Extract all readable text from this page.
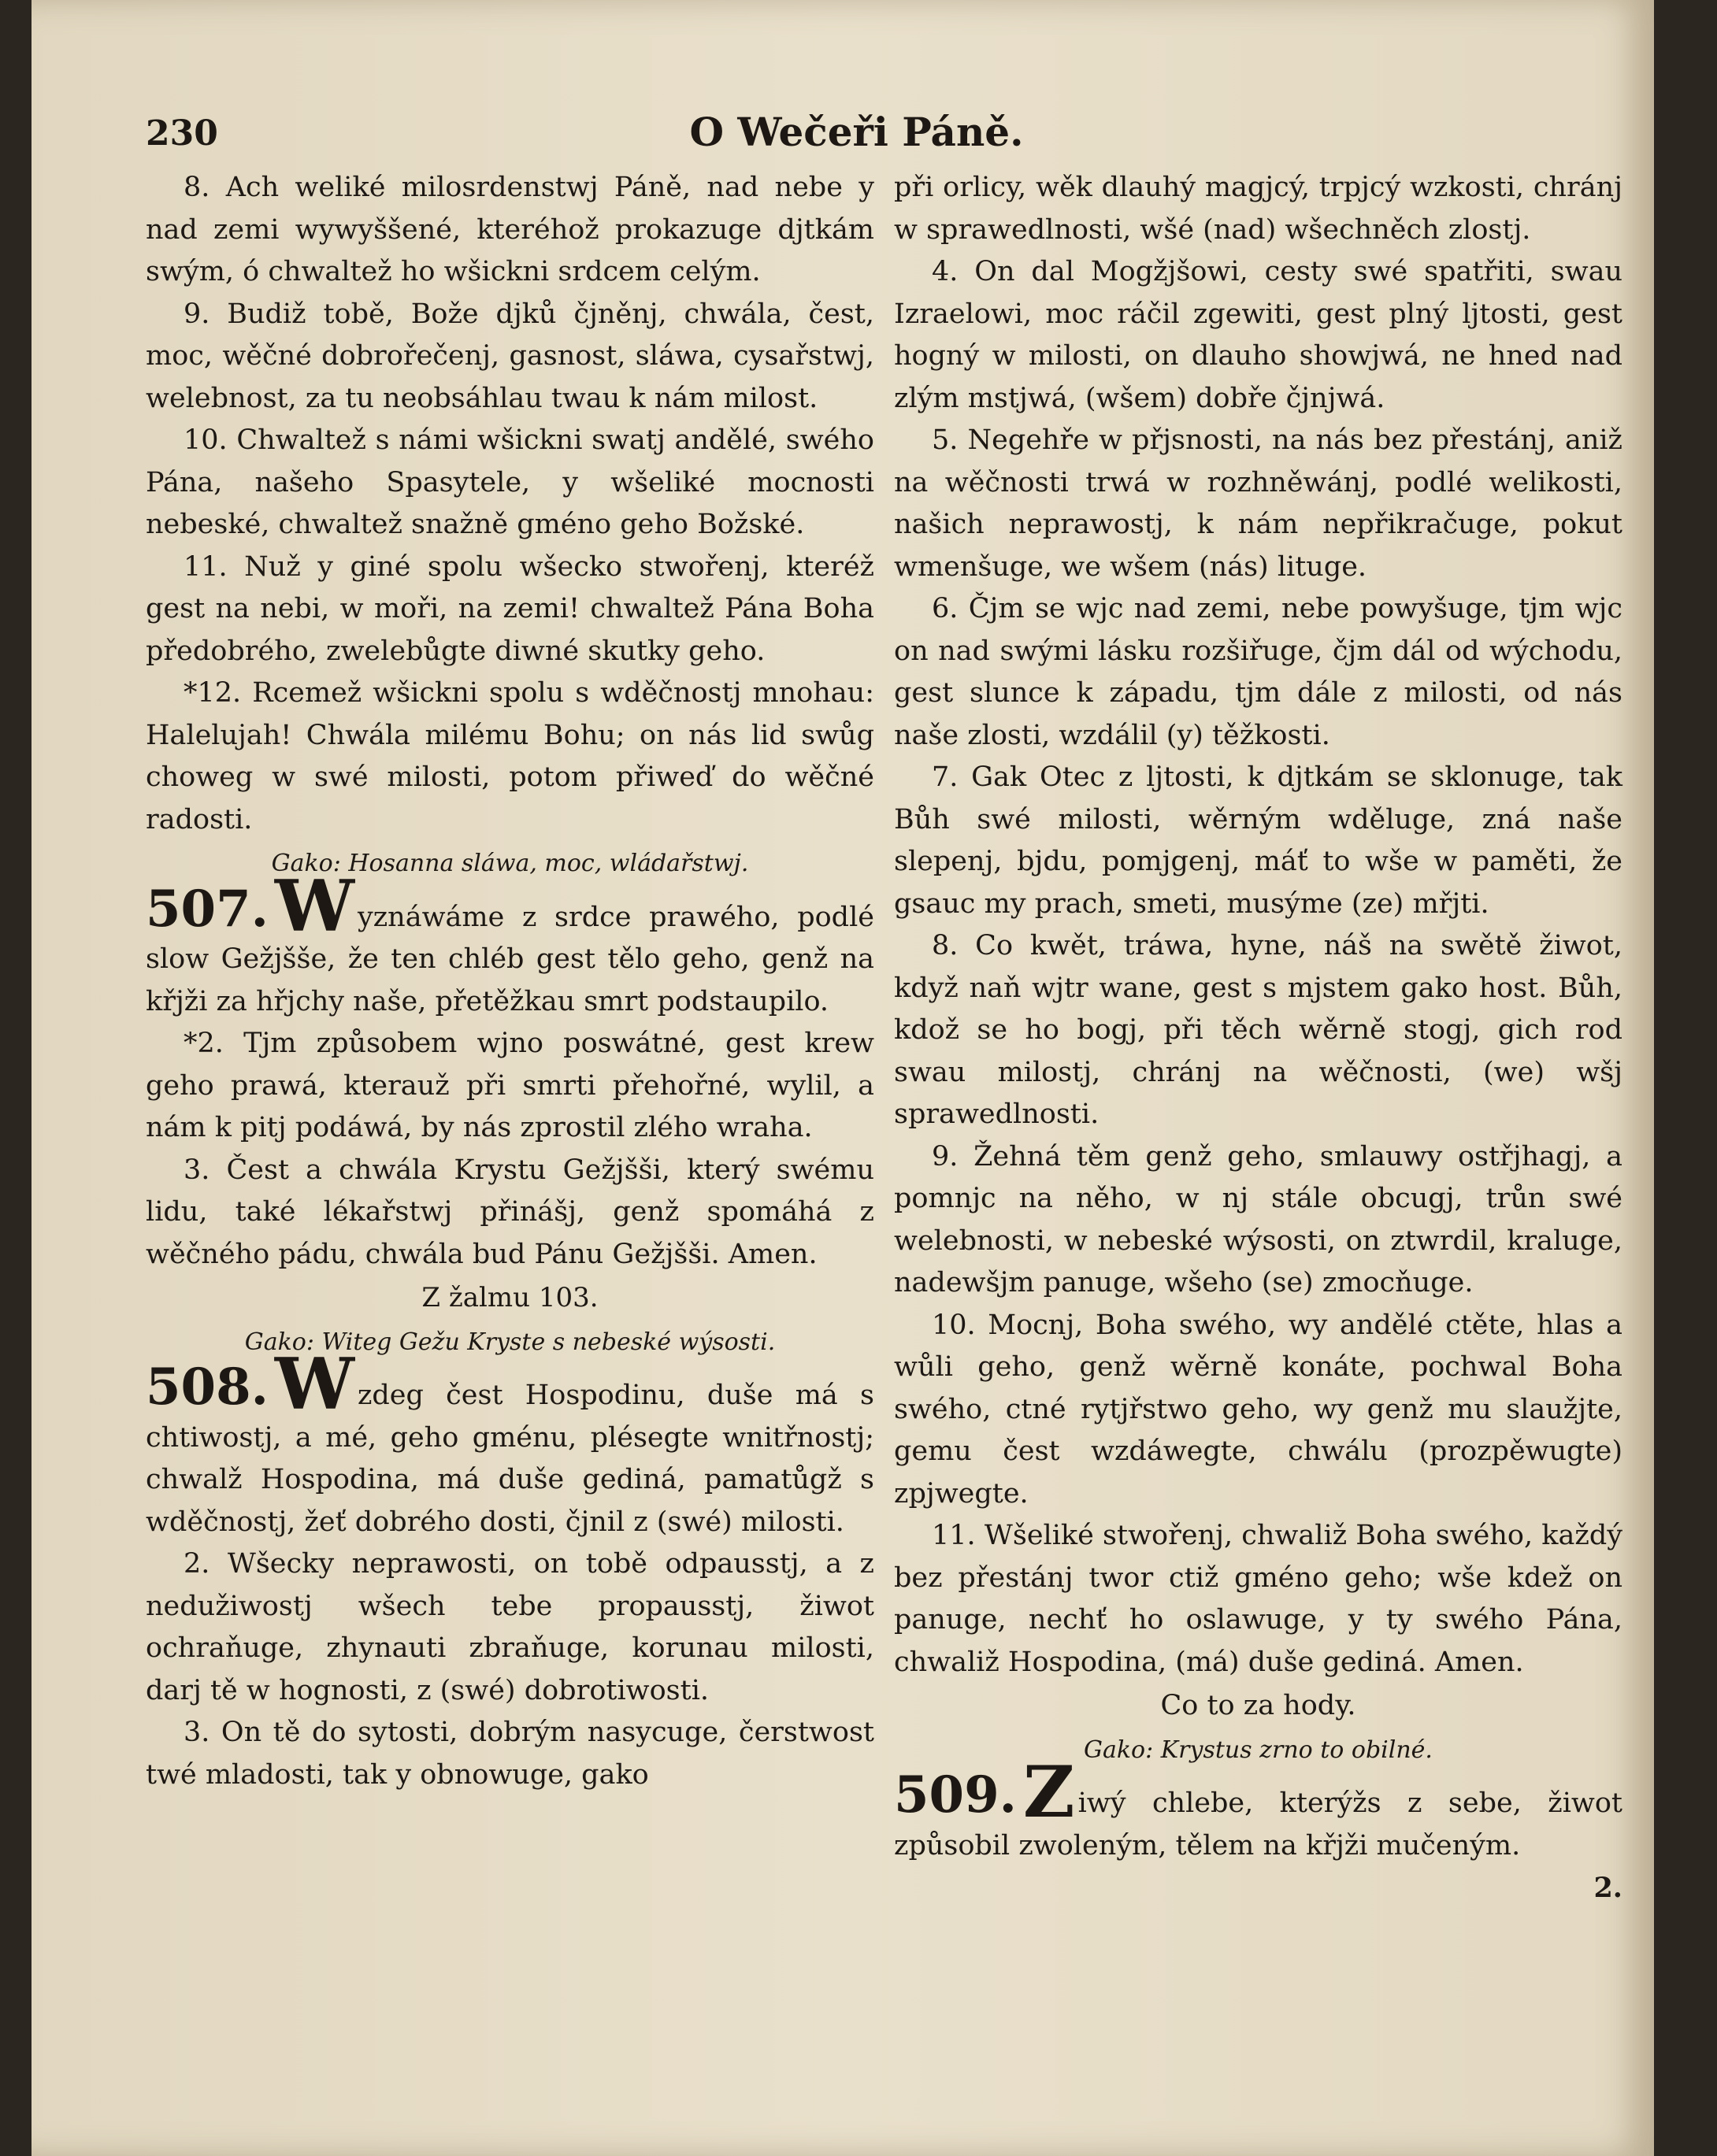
230	O Wečeři Páně.

8. Ach weliké milosrdenstwj Páně, nad nebe y nad zemi wywyššené, kteréhož prokazuge djtkám swým, ó chwaltež ho wšickni srdcem celým.

9. Budiž tobě, Bože djků čjněnj, chwála, čest, moc, wěčné dobrořečenj, gasnost, sláwa, cysařstwj, welebnost, za tu neobsáhlau twau k nám milost.

10. Chwaltež s námi wšickni swatj andělé, swého Pána, našeho Spasytele, y wšeliké mocnosti nebeské, chwaltež snažně gméno geho Božské.

11. Nuž y giné spolu wšecko stwořenj, kteréž gest na nebi, w moři, na zemi! chwaltež Pána Boha předobrého, zwelebůgte diwné skutky geho.

*12. Rcemež wšickni spolu s wděčnostj mnohau: Halelujah! Chwála milému Bohu; on nás lid swůg choweg w swé milosti, potom přiweď do wěčné radosti.

Gako: Hosanna sláwa, moc, wládařstwj.

507.W yznáwáme z srdce prawého, podlé slow Gežjšše, že ten chléb gest tělo geho, genž na křjži za hřjchy naše, přetěžkau smrt podstaupilo.

*2. Tjm způsobem wjno poswátné, gest krew geho prawá, kterauž při smrti přehořné, wylil, a nám k pitj podáwá, by nás zprostil zlého wraha.

3. Čest a chwála Krystu Gežjšši, který swému lidu, také lékařstwj přinášj, genž spomáhá z wěčného pádu, chwála bud Pánu Gežjšši. Amen.

Z žalmu 103.
Gako: Witeg Gežu Kryste s nebeské wýsosti.

508.W zdeg čest Hospodinu, duše má s chtiwostj, a mé, geho gménu, plésegte wnitřnostj; chwalž Hospodina, má duše gediná, pamatůgž s wděčnostj, žeť dobrého dosti, čjnil z (swé) milosti.

2. Wšecky neprawosti, on tobě odpausstj, a z nedužiwostj wšech tebe propausstj, žiwot ochraňuge, zhynauti zbraňuge, korunau milosti, darj tě w hognosti, z (swé) dobrotiwosti.

3. On tě do sytosti, dobrým nasycuge, čerstwost twé mladosti, tak y obnowuge, gako

při orlicy, wěk dlauhý magjcý, trpjcý wzkosti, chránj w sprawedlnosti, wšé (nad) wšechněch zlostj.

4. On dal Mogžjšowi, cesty swé spatřiti, swau Izraelowi, moc ráčil zgewiti, gest plný ljtosti, gest hogný w milosti, on dlauho showjwá, ne hned nad zlým mstjwá, (wšem) dobře čjnjwá.

5. Negehře w přjsnosti, na nás bez přestánj, aniž na wěčnosti trwá w rozhněwánj, podlé welikosti, našich neprawostj, k nám nepřikračuge, pokut wmenšuge, we wšem (nás) lituge.

6. Čjm se wjc nad zemi, nebe powyšuge, tjm wjc on nad swými lásku rozšiřuge, čjm dál od wýchodu, gest slunce k západu, tjm dále z milosti, od nás naše zlosti, wzdálil (y) těžkosti.

7. Gak Otec z ljtosti, k djtkám se sklonuge, tak Bůh swé milosti, wěrným wděluge, zná naše slepenj, bjdu, pomjgenj, máť to wše w paměti, že gsauc my prach, smeti, musýme (ze) mřjti.

8. Co kwět, tráwa, hyne, náš na swětě žiwot, když naň wjtr wane, gest s mjstem gako host. Bůh, kdož se ho bogj, při těch wěrně stogj, gich rod swau milostj, chránj na wěčnosti, (we) wšj sprawedlnosti.

9. Žehná těm genž geho, smlauwy ostřjhagj, a pomnjc na něho, w nj stále obcugj, trůn swé welebnosti, w nebeské wýsosti, on ztwrdil, kraluge, nadewšjm panuge, wšeho (se) zmocňuge.

10. Mocnj, Boha swého, wy andělé ctěte, hlas a wůli geho, genž wěrně konáte, pochwal Boha swého, ctné rytjřstwo geho, wy genž mu slaužjte, gemu čest wzdáwegte, chwálu (prozpěwugte) zpjwegte.

11. Wšeliké stwořenj, chwaliž Boha swého, každý bez přestánj twor ctiž gméno geho; wše kdež on panuge, nechť ho oslawuge, y ty swého Pána, chwaliž Hospodina, (má) duše gediná. Amen.

Co to za hody.
Gako: Krystus zrno to obilné.

509.Z iwý chlebe, kterýžs z sebe, žiwot způsobil zwoleným, tělem na křjži mučeným.
2.
